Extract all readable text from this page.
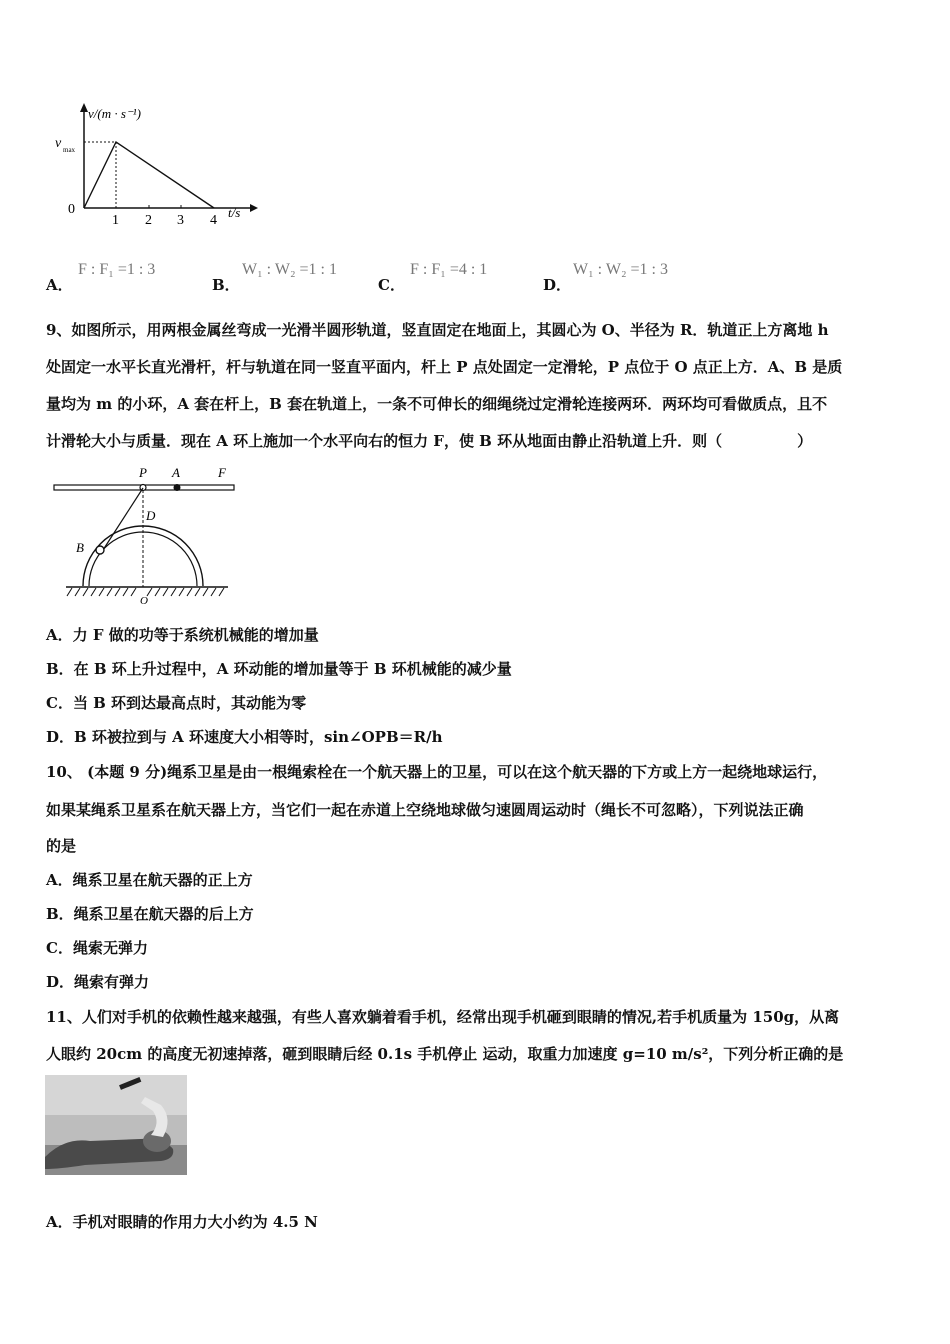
v/(m · s⁻¹)
v max
0
1 2 3 4
t/s
A．
F : F₁ =1 : 3
B．
W₁ : W₂ =1 : 1
C．
F : F₁ =4 : 1
D．
W₁ : W₂ =1 : 3
9、如图所示，用两根金属丝弯成一光滑半圆形轨道，竖直固定在地面上，其圆心为 O、半径为 R．轨道正上方离地 h
处固定一水平长直光滑杆，杆与轨道在同一竖直平面内，杆上 P 点处固定一定滑轮，P 点位于 O 点正上方．A、B 是质
量均为 m 的小环，A 套在杆上，B 套在轨道上，一条不可伸长的细绳绕过定滑轮连接两环．两环均可看做质点，且不
计滑轮大小与质量．现在 A 环上施加一个水平向右的恒力 F，使 B 环从地面由静止沿轨道上升．则（　　　　　）
P A	F
D
B
O
A．力 F 做的功等于系统机械能的增加量
B．在 B 环上升过程中，A 环动能的增加量等于 B 环机械能的减少量
C．当 B 环到达最高点时，其动能为零
D．B 环被拉到与 A 环速度大小相等时，sin∠OPB＝R/h
10、 (本题 9 分)绳系卫星是由一根绳索栓在一个航天器上的卫星，可以在这个航天器的下方或上方一起绕地球运行，
如果某绳系卫星系在航天器上方，当它们一起在赤道上空绕地球做匀速圆周运动时（绳长不可忽略），下列说法正确
的是
A．绳系卫星在航天器的正上方
B．绳系卫星在航天器的后上方
C．绳索无弹力
D．绳索有弹力
11、人们对手机的依赖性越来越强，有些人喜欢躺着看手机，经常出现手机砸到眼睛的情况,若手机质量为 150g，从离
人眼约 20cm 的高度无初速掉落，砸到眼睛后经 0.1s 手机停止 运动，取重力加速度 g=10 m/s²，下列分析正确的是
A．手机对眼睛的作用力大小约为 4.5 N
